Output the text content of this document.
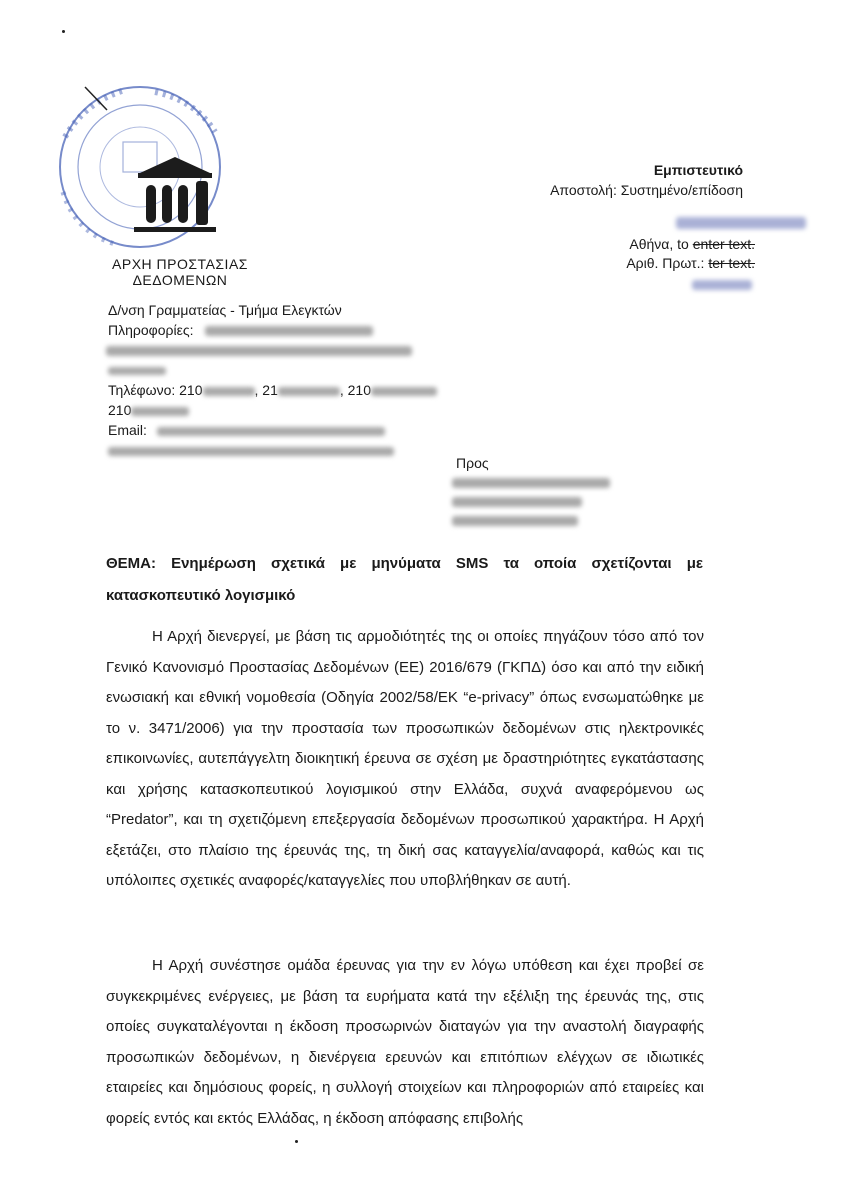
ΑΡΧΗ ΠΡΟΣΤΑΣΙΑΣ
ΔΕΔΟΜΕΝΩΝ
Εμπιστευτικό
Αποστολή: Συστημένο/επίδοση
Αθήνα, to enter text.
Αριθ. Πρωτ.: ter text.
Δ/νση Γραμματείας - Τμήμα Ελεγκτών
Πληροφορίες:
Τηλέφωνο: 210	, 21	, 210
210
Email:
Προς
ΘΕΜΑ: Ενημέρωση σχετικά με μηνύματα SMS τα οποία σχετίζονται με κατασκοπευτικό λογισμικό
Η Αρχή διενεργεί, με βάση τις αρμοδιότητές της οι οποίες πηγάζουν τόσο από τον Γενικό Κανονισμό Προστασίας Δεδομένων (ΕΕ) 2016/679 (ΓΚΠΔ) όσο και από την ειδική ενωσιακή και εθνική νομοθεσία (Οδηγία 2002/58/ΕΚ “e-privacy” όπως ενσωματώθηκε με το ν. 3471/2006) για την προστασία των προσωπικών δεδομένων στις ηλεκτρονικές επικοινωνίες, αυτεπάγγελτη διοικητική έρευνα σε σχέση με δραστηριότητες εγκατάστασης και χρήσης κατασκοπευτικού λογισμικού στην Ελλάδα, συχνά αναφερόμενου ως “Predator”, και τη σχετιζόμενη επεξεργασία δεδομένων προσωπικού χαρακτήρα. Η Αρχή εξετάζει, στο πλαίσιο της έρευνάς της, τη δική σας καταγγελία/αναφορά, καθώς και τις υπόλοιπες σχετικές αναφορές/καταγγελίες που υποβλήθηκαν σε αυτή.
Η Αρχή συνέστησε ομάδα έρευνας για την εν λόγω υπόθεση και έχει προβεί σε συγκεκριμένες ενέργειες, με βάση τα ευρήματα κατά την εξέλιξη της έρευνάς της, στις οποίες συγκαταλέγονται η έκδοση προσωρινών διαταγών για την αναστολή διαγραφής προσωπικών δεδομένων, η διενέργεια ερευνών και επιτόπιων ελέγχων σε ιδιωτικές εταιρείες και δημόσιους φορείς, η συλλογή στοιχείων και πληροφοριών από εταιρείες και φορείς εντός και εκτός Ελλάδας, η έκδοση απόφασης επιβολής
